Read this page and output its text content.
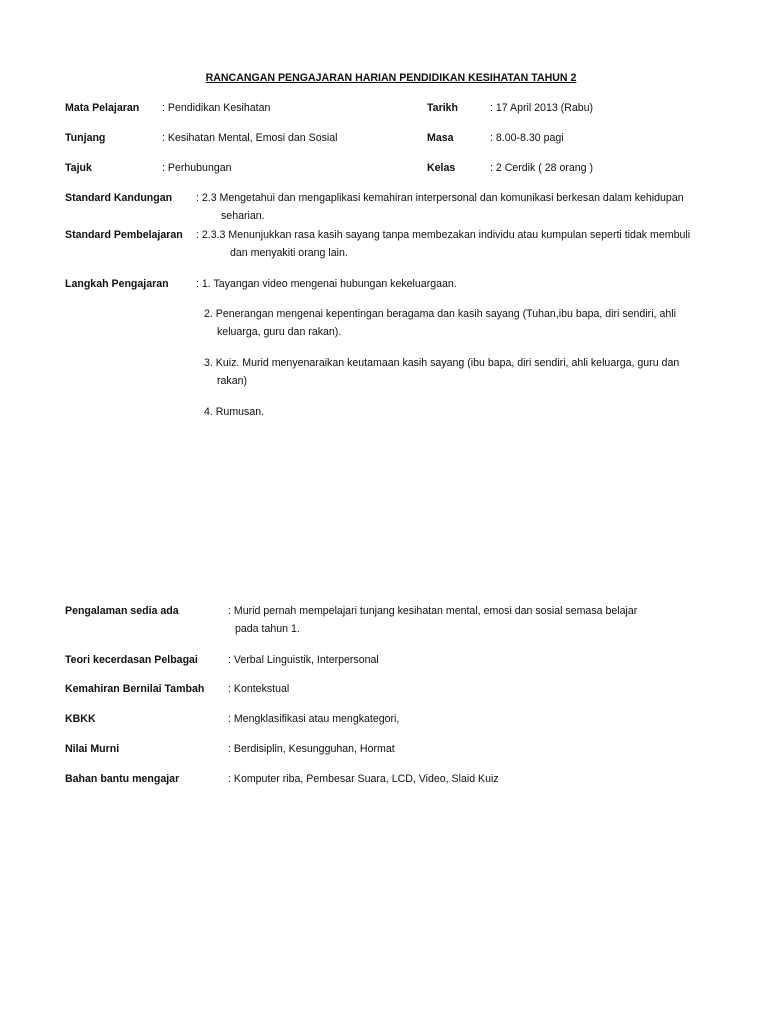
RANCANGAN PENGAJARAN HARIAN PENDIDIKAN KESIHATAN TAHUN 2
Mata Pelajaran : Pendidikan Kesihatan	Tarikh	: 17 April 2013 (Rabu)
Tunjang	: Kesihatan Mental, Emosi dan Sosial	Masa	: 8.00-8.30 pagi
Tajuk	: Perhubungan	Kelas	: 2 Cerdik ( 28 orang )
Standard Kandungan : 2.3 Mengetahui dan mengaplikasi kemahiran interpersonal dan komunikasi berkesan dalam kehidupan
seharian.
Standard Pembelajaran : 2.3.3 Menunjukkan rasa kasih sayang tanpa membezakan individu atau kumpulan seperti tidak membuli
dan menyakiti orang lain.
Langkah Pengajaran	: 1. Tayangan video mengenai hubungan kekeluargaan.
2. Penerangan mengenai kepentingan beragama dan kasih sayang (Tuhan,ibu bapa, diri sendiri, ahli
keluarga, guru dan rakan).
3. Kuiz. Murid menyenaraikan keutamaan kasih sayang (ibu bapa, diri sendiri, ahli keluarga, guru dan
rakan)
4. Rumusan.
Pengalaman sedia ada	: Murid pernah mempelajari tunjang kesihatan mental, emosi dan sosial semasa belajar
pada tahun 1.
Teori kecerdasan Pelbagai	: Verbal Linguistik, Interpersonal
Kemahiran Bernilai Tambah : Kontekstual
KBKK	: Mengklasifikasi atau mengkategori,
Nilai Murni	: Berdisiplin, Kesungguhan, Hormat
Bahan bantu mengajar	: Komputer riba, Pembesar Suara, LCD, Video, Slaid Kuiz
